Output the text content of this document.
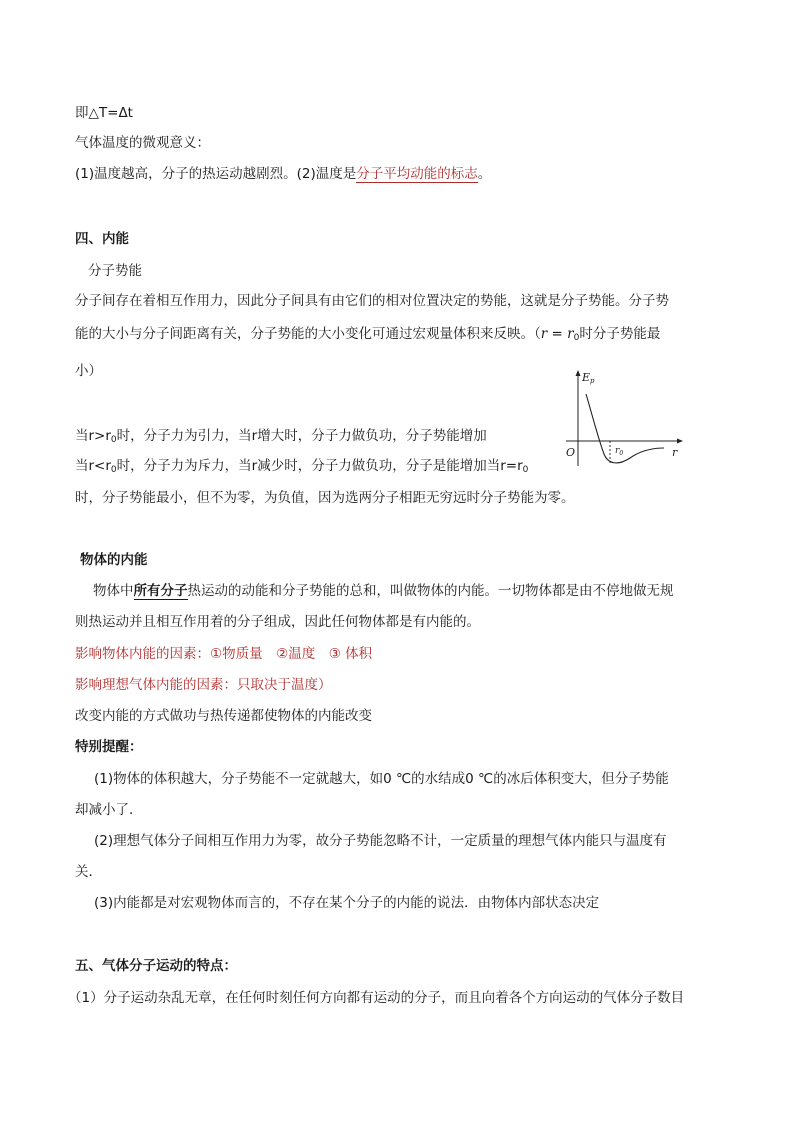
即△T=Δt
气体温度的微观意义：
(1)温度越高，分子的热运动越剧烈。(2)温度是分子平均动能的标志。
四、内能
分子势能
分子间存在着相互作用力，因此分子间具有由它们的相对位置决定的势能，这就是分子势能。分子势
能的大小与分子间距离有关，分子势能的大小变化可通过宏观量体积来反映。（$r = r_0$时分子势能最
小）
当$r>r_0$时，分子力为引力，当r增大时，分子力做负功，分子势能增加
当$r<r_0$时，分子力为斥力，当r减少时，分子力做负功，分子是能增加当$r=r_0$
时，分子势能最小，但不为零，为负值，因为选两分子相距无穷远时分子势能为零。
Ep
O	r
$r_0$
物体的内能
物体中所有分子热运动的动能和分子势能的总和，叫做物体的内能。一切物体都是由不停地做无规
则热运动并且相互作用着的分子组成，因此任何物体都是有内能的。
影响物体内能的因素：①物质量　②温度　③ 体积
影响理想气体内能的因素：只取决于温度）
改变内能的方式做功与热传递都使物体的内能改变
特别提醒：
(1)物体的体积越大，分子势能不一定就越大，如0 ℃的水结成0 ℃的冰后体积变大，但分子势能
却减小了．
(2)理想气体分子间相互作用力为零，故分子势能忽略不计，一定质量的理想气体内能只与温度有
关．
(3)内能都是对宏观物体而言的，不存在某个分子的内能的说法．由物体内部状态决定
五、气体分子运动的特点：
（1）分子运动杂乱无章，在任何时刻任何方向都有运动的分子，而且向着各个方向运动的气体分子数目
